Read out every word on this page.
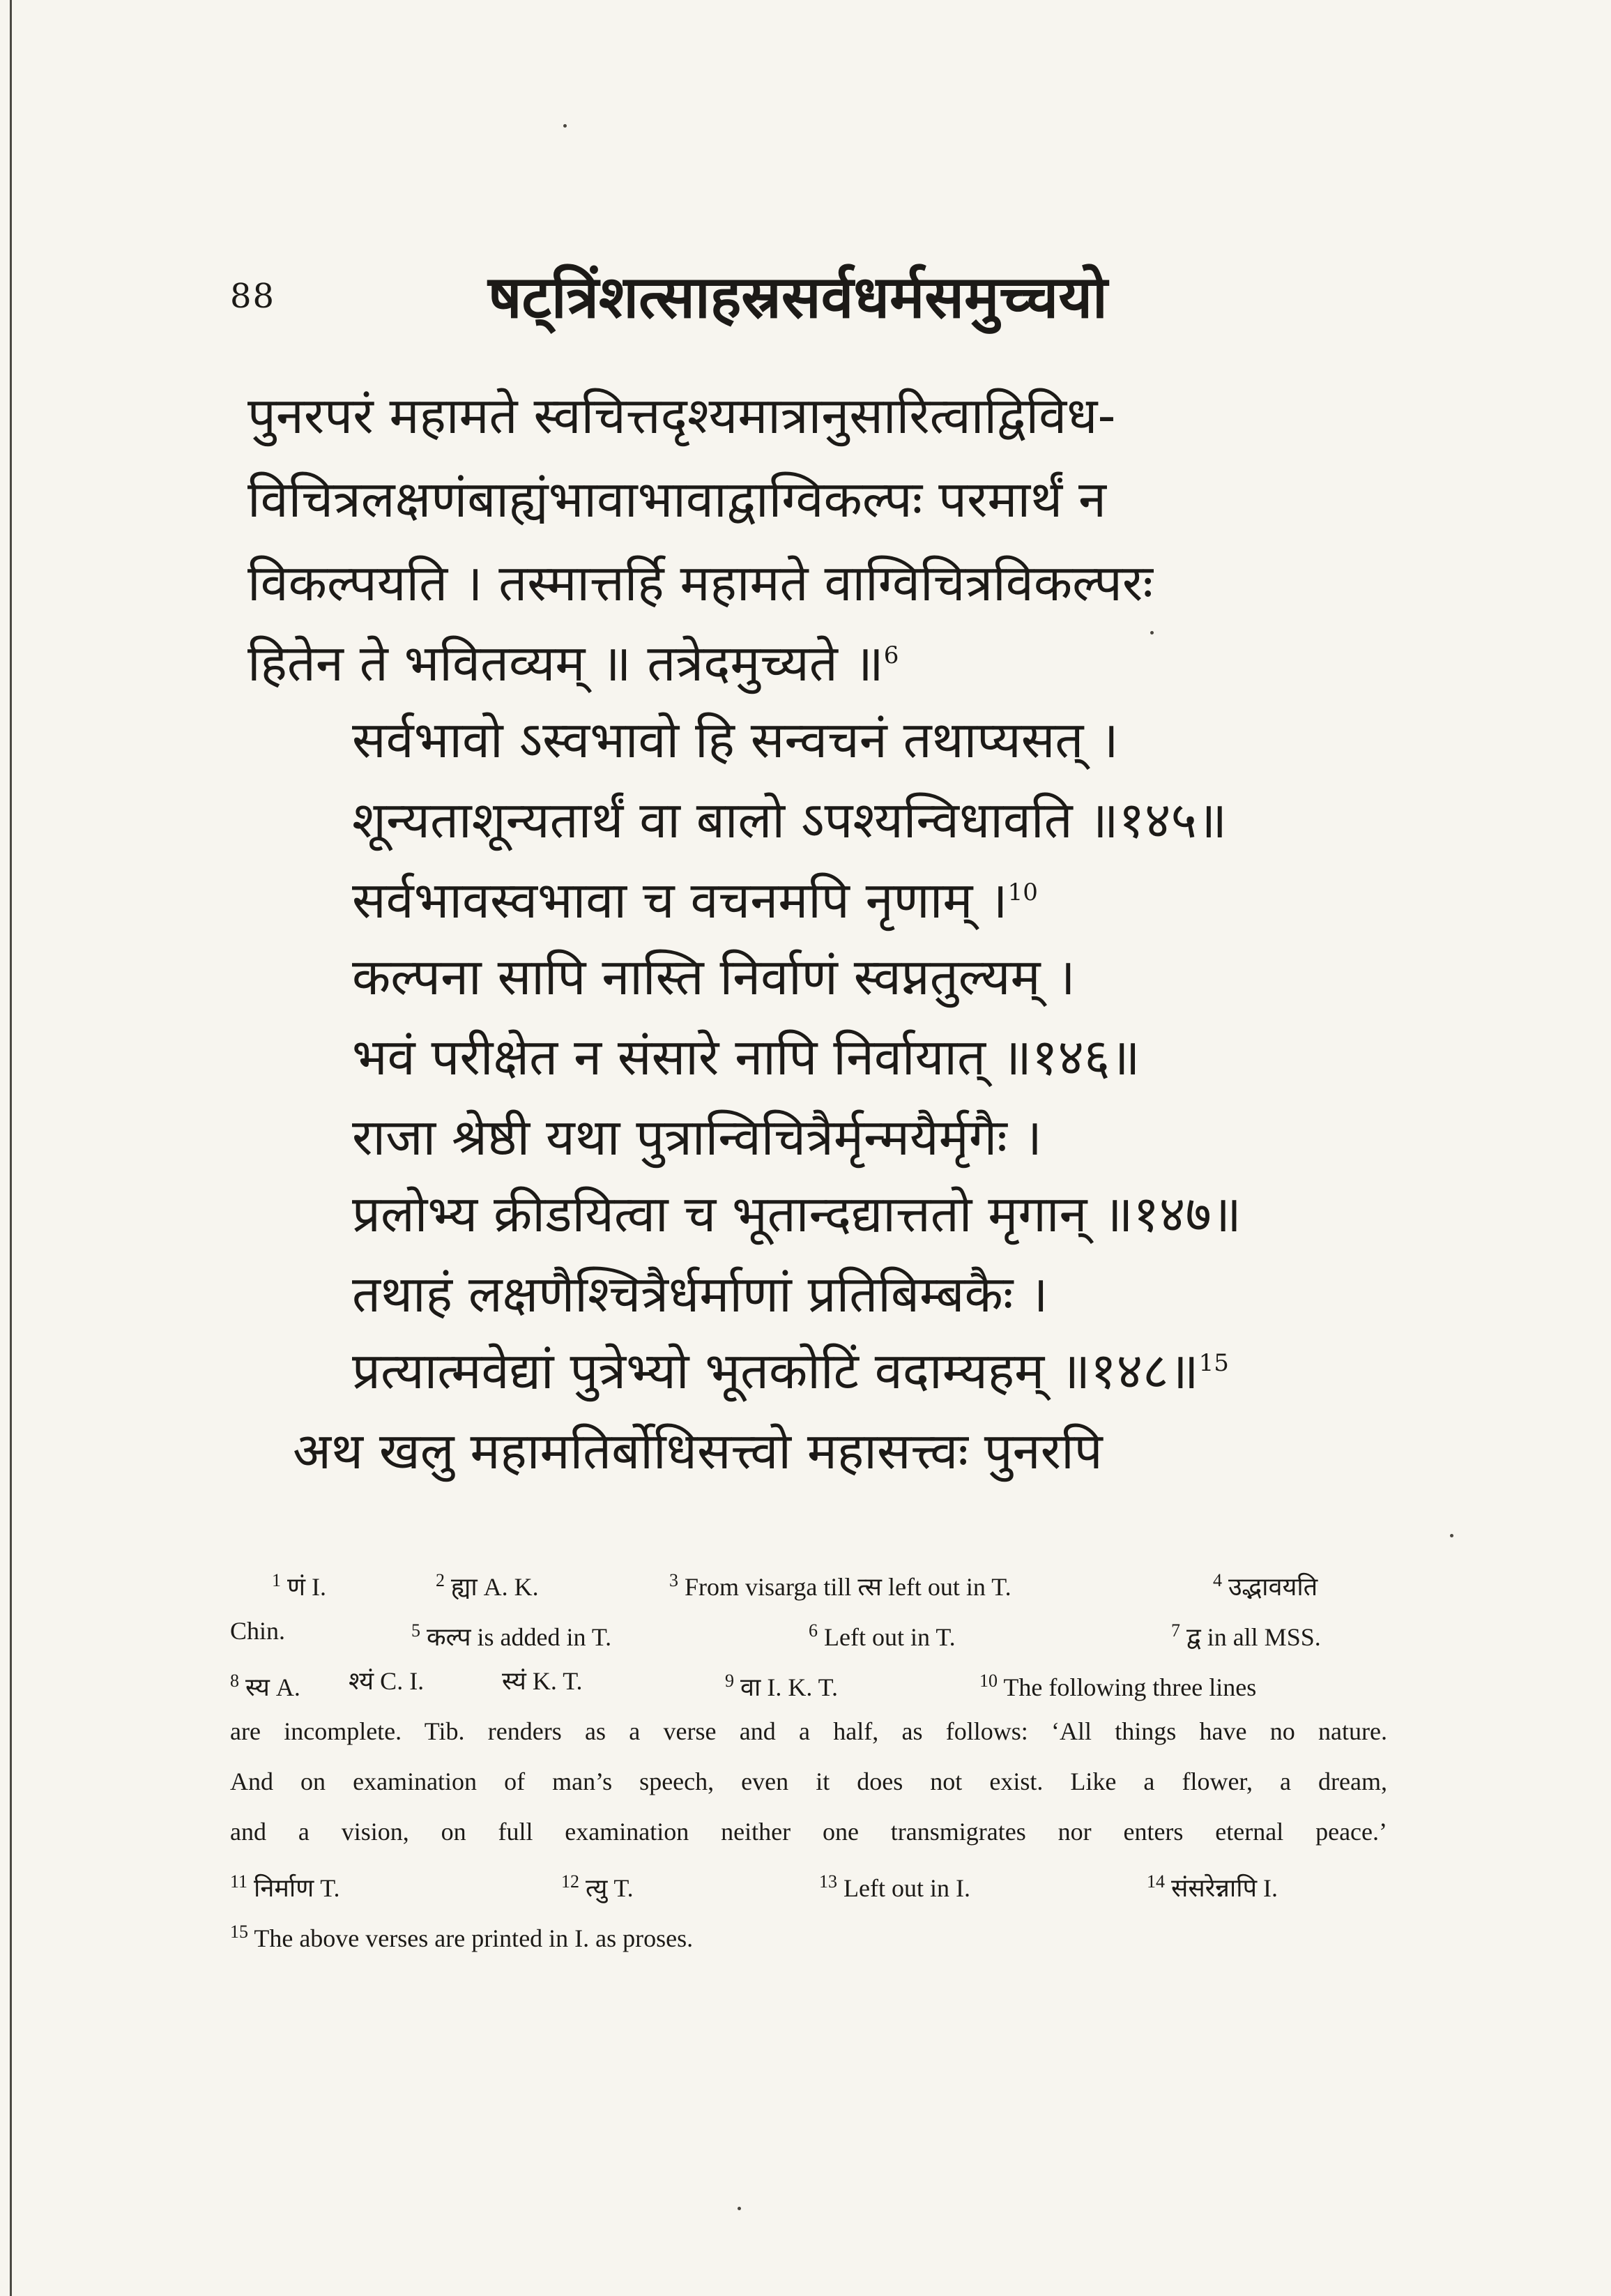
88	षट्त्रिंशत्साहस्रसर्वधर्मसमुच्चयो
पुनरपरं महामते स्वचित्तदृश्यमात्रानुसारित्वाद्विविध-
विचित्रलक्षणंबाह्यंभावाभावाद्वाग्विकल्पः परमार्थं न
विकल्पयति । तस्मात्तर्हि महामते वाग्विचित्रविकल्परः
हितेन ते भवितव्यम् ॥ तत्रेदमुच्यते ॥$^6$
सर्वभावो ऽस्वभावो हि सन्वचनं तथाप्यसत् ।
शून्यताशून्यतार्थं वा बालो ऽपश्यन्विधावति ॥१४५॥
सर्वभावस्वभावा च वचनमपि नृणाम् ।$^{10}$
कल्पना सापि नास्ति निर्वाणं स्वप्नतुल्यम् ।
भवं परीक्षेत न संसारे नापि निर्वायात् ॥१४६॥
राजा श्रेष्ठी यथा पुत्रान्विचित्रैर्मृन्मयैर्मृगैः ।
प्रलोभ्य क्रीडयित्वा च भूतान्दद्यात्ततो मृगान् ॥१४७॥
तथाहं लक्षणैश्चित्रैर्धर्माणां प्रतिबिम्बकैः ।
प्रत्यात्मवेद्यां पुत्रेभ्यो भूतकोटिं वदाम्यहम् ॥१४८॥$^{15}$
अथ खलु महामतिर्बोधिसत्त्वो महासत्त्वः पुनरपि
$^1$ णं I.	$^2$ ह्या A. K.	$^3$ From visarga till त्स left out in T.	$^4$ उद्भावयति
Chin.	$^5$ कल्प is added in T.	$^6$ Left out in T.	$^7$ द्व in all MSS.
$^8$ स्य A. श्यं C. I.	स्यं K. T.	$^9$ वा I. K. T.	$^{10}$ The following three lines
are incomplete. Tib. renders as a verse and a half, as follows: ‘All things have no nature.
And on examination of man’s speech, even it does not exist. Like a flower, a dream,
and a vision, on full examination neither one transmigrates nor enters eternal peace.’
$^{11}$ निर्माण T.	$^{12}$ त्यु T.	$^{13}$ Left out in I.	$^{14}$ संसरेन्नापि I.
$^{15}$ The above verses are printed in I. as proses.
